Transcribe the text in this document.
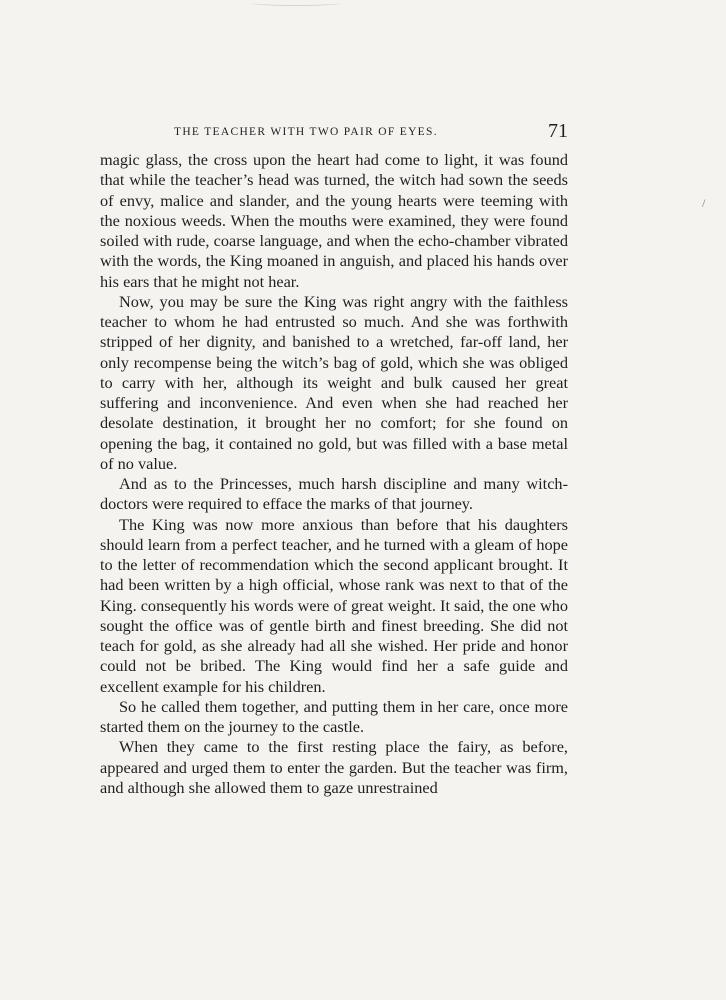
THE TEACHER WITH TWO PAIR OF EYES.	71

magic glass, the cross upon the heart had come to light, it was found that while the teacher’s head was turned, the witch had sown the seeds of envy, malice and slander, and the young hearts were teeming with the noxious weeds. When the mouths were examined, they were found soiled with rude, coarse language, and when the echo-chamber vibrated with the words, the King moaned in anguish, and placed his hands over his ears that he might not hear.

Now, you may be sure the King was right angry with the faithless teacher to whom he had entrusted so much. And she was forthwith stripped of her dignity, and banished to a wretched, far-off land, her only recompense being the witch’s bag of gold, which she was obliged to carry with her, although its weight and bulk caused her great suffering and inconvenience. And even when she had reached her desolate destination, it brought her no comfort; for she found on opening the bag, it contained no gold, but was filled with a base metal of no value.

And as to the Princesses, much harsh discipline and many witch-doctors were required to efface the marks of that journey.

The King was now more anxious than before that his daughters should learn from a perfect teacher, and he turned with a gleam of hope to the letter of recommendation which the second applicant brought. It had been written by a high official, whose rank was next to that of the King. consequently his words were of great weight. It said, the one who sought the office was of gentle birth and finest breeding. She did not teach for gold, as she already had all she wished. Her pride and honor could not be bribed. The King would find her a safe guide and excellent example for his children.

So he called them together, and putting them in her care, once more started them on the journey to the castle.

When they came to the first resting place the fairy, as before, appeared and urged them to enter the garden. But the teacher was firm, and although she allowed them to gaze unrestrained

/
